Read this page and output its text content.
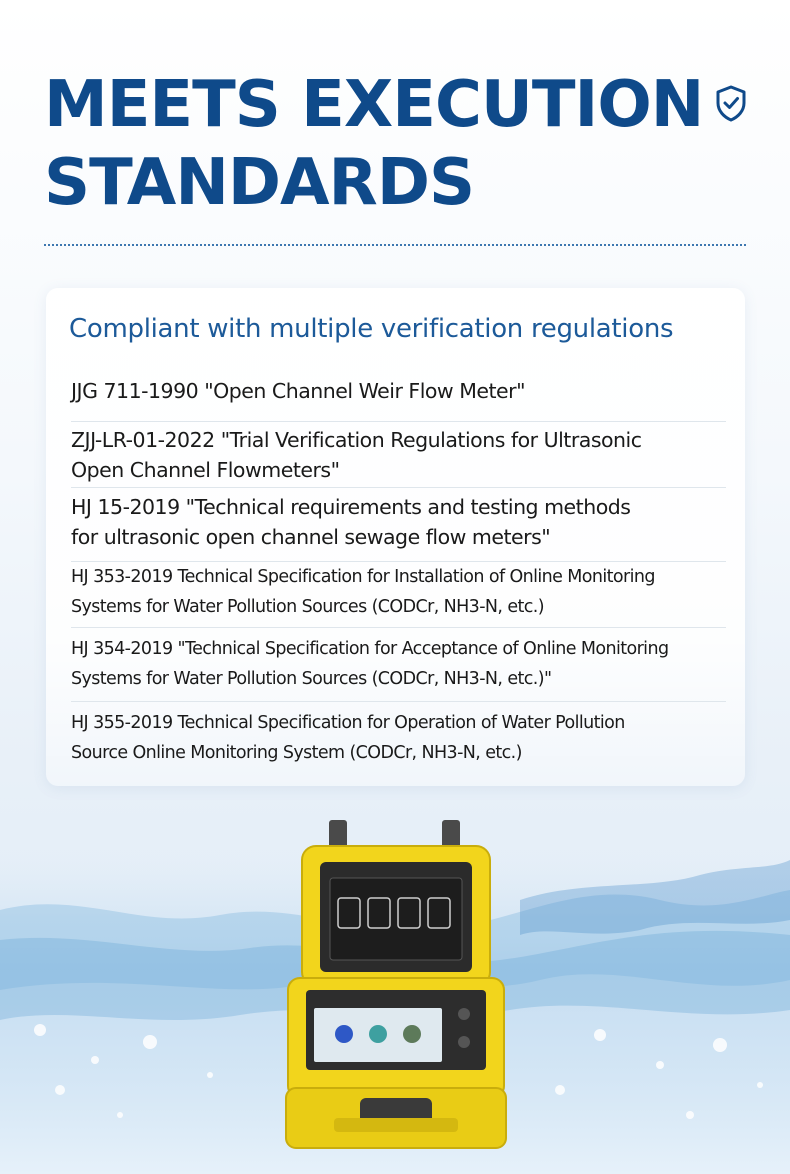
MEETS EXECUTION
STANDARDS
Compliant with multiple verification regulations
JJG 711-1990 "Open Channel Weir Flow Meter"
ZJJ-LR-01-2022 "Trial Verification Regulations for Ultrasonic
Open Channel Flowmeters"
HJ 15-2019 "Technical requirements and testing methods
for ultrasonic open channel sewage flow meters"
HJ 353-2019 Technical Specification for Installation of Online Monitoring
Systems for Water Pollution Sources (CODCr, NH3-N, etc.)
HJ 354-2019 "Technical Specification for Acceptance of Online Monitoring
Systems for Water Pollution Sources (CODCr, NH3-N, etc.)"
HJ 355-2019 Technical Specification for Operation of Water Pollution
Source Online Monitoring System (CODCr, NH3-N, etc.)
